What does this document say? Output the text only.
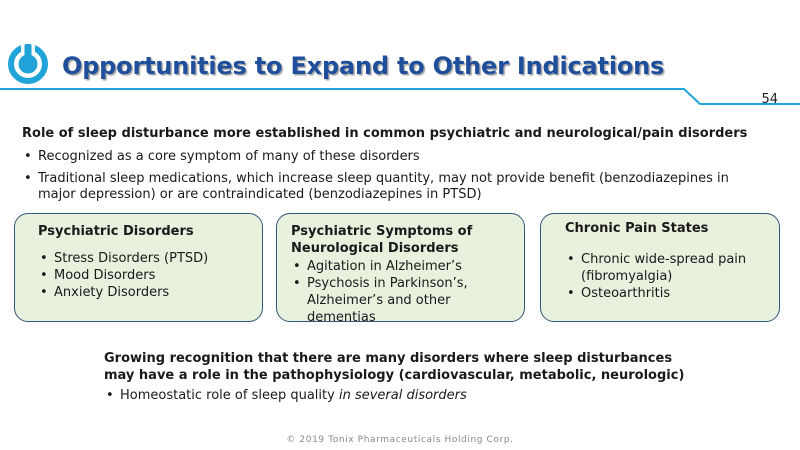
Opportunities to Expand to Other Indications
54

Role of sleep disturbance more established in common psychiatric and neurological/pain disorders

• Recognized as a core symptom of many of these disorders
• Traditional sleep medications, which increase sleep quantity, may not provide benefit (benzodiazepines in major depression) or are contraindicated (benzodiazepines in PTSD)
Psychiatric Disorders
• Stress Disorders (PTSD)
• Mood Disorders
• Anxiety Disorders
Psychiatric Symptoms of Neurological Disorders
• Agitation in Alzheimer’s
• Psychosis in Parkinson’s, Alzheimer’s and other dementias
Chronic Pain States
• Chronic wide-spread pain (fibromyalgia)
• Osteoarthritis

Growing recognition that there are many disorders where sleep disturbances
may have a role in the pathophysiology (cardiovascular, metabolic, neurologic)

• Homeostatic role of sleep quality in several disorders
© 2019 Tonix Pharmaceuticals Holding Corp.
